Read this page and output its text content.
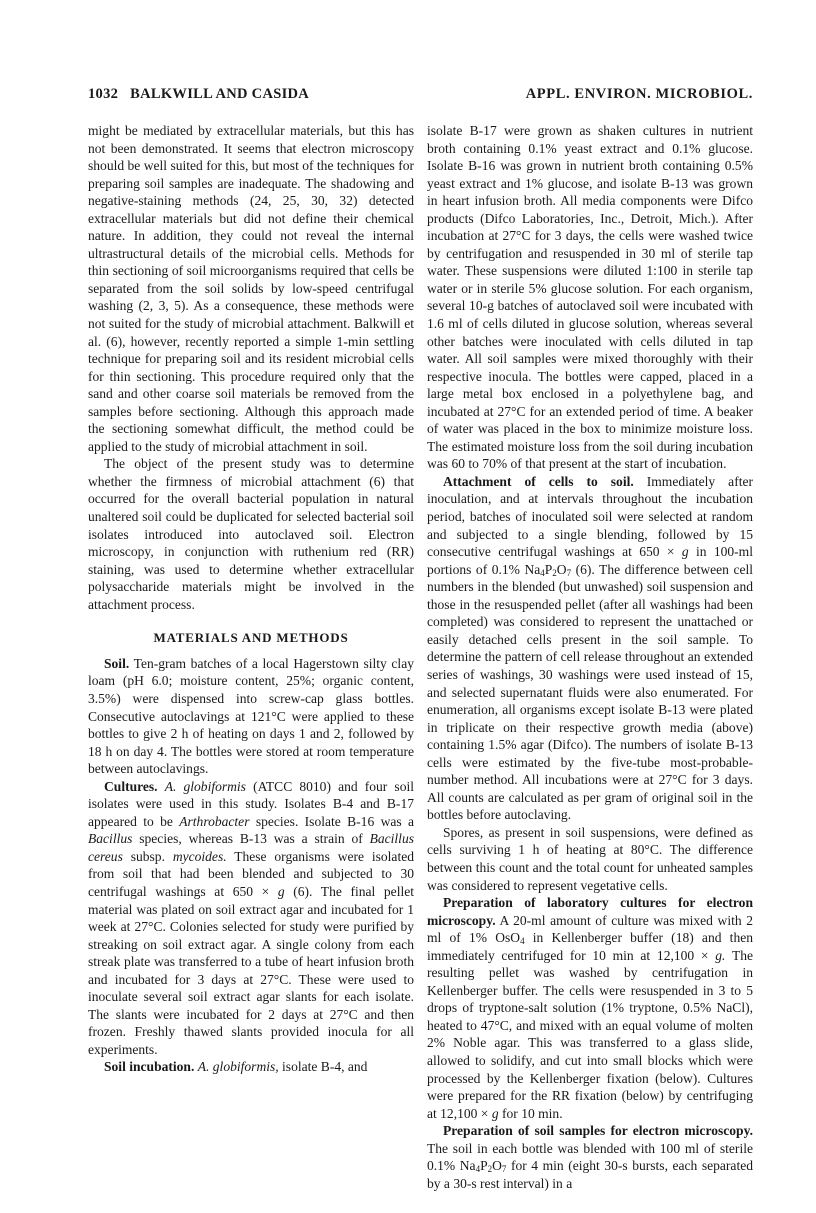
1032 BALKWILL AND CASIDA	APPL. ENVIRON. MICROBIOL.

might be mediated by extracellular materials, but this has not been demonstrated. It seems that electron microscopy should be well suited for this, but most of the techniques for preparing soil samples are inadequate. The shadowing and negative-staining methods (24, 25, 30, 32) detected extracellular materials but did not define their chemical nature. In addition, they could not reveal the internal ultrastructural details of the microbial cells. Methods for thin sectioning of soil microorganisms required that cells be separated from the soil solids by low-speed centrifugal washing (2, 3, 5). As a consequence, these methods were not suited for the study of microbial attachment. Balkwill et al. (6), however, recently reported a simple 1-min settling technique for preparing soil and its resident microbial cells for thin sectioning. This procedure required only that the sand and other coarse soil materials be removed from the samples before sectioning. Although this approach made the sectioning somewhat difficult, the method could be applied to the study of microbial attachment in soil.

The object of the present study was to determine whether the firmness of microbial attachment (6) that occurred for the overall bacterial population in natural unaltered soil could be duplicated for selected bacterial soil isolates introduced into autoclaved soil. Electron microscopy, in conjunction with ruthenium red (RR) staining, was used to determine whether extracellular polysaccharide materials might be involved in the attachment process.

MATERIALS AND METHODS

Soil. Ten-gram batches of a local Hagerstown silty clay loam (pH 6.0; moisture content, 25%; organic content, 3.5%) were dispensed into screw-cap glass bottles. Consecutive autoclavings at 121°C were applied to these bottles to give 2 h of heating on days 1 and 2, followed by 18 h on day 4. The bottles were stored at room temperature between autoclavings.

Cultures. A. globiformis (ATCC 8010) and four soil isolates were used in this study. Isolates B-4 and B-17 appeared to be Arthrobacter species. Isolate B-16 was a Bacillus species, whereas B-13 was a strain of Bacillus cereus subsp. mycoides. These organisms were isolated from soil that had been blended and subjected to 30 centrifugal washings at 650 × g (6). The final pellet material was plated on soil extract agar and incubated for 1 week at 27°C. Colonies selected for study were purified by streaking on soil extract agar. A single colony from each streak plate was transferred to a tube of heart infusion broth and incubated for 3 days at 27°C. These were used to inoculate several soil extract agar slants for each isolate. The slants were incubated for 2 days at 27°C and then frozen. Freshly thawed slants provided inocula for all experiments.

Soil incubation. A. globiformis, isolate B-4, and

isolate B-17 were grown as shaken cultures in nutrient broth containing 0.1% yeast extract and 0.1% glucose. Isolate B-16 was grown in nutrient broth containing 0.5% yeast extract and 1% glucose, and isolate B-13 was grown in heart infusion broth. All media components were Difco products (Difco Laboratories, Inc., Detroit, Mich.). After incubation at 27°C for 3 days, the cells were washed twice by centrifugation and resuspended in 30 ml of sterile tap water. These suspensions were diluted 1:100 in sterile tap water or in sterile 5% glucose solution. For each organism, several 10-g batches of autoclaved soil were incubated with 1.6 ml of cells diluted in glucose solution, whereas several other batches were inoculated with cells diluted in tap water. All soil samples were mixed thoroughly with their respective inocula. The bottles were capped, placed in a large metal box enclosed in a polyethylene bag, and incubated at 27°C for an extended period of time. A beaker of water was placed in the box to minimize moisture loss. The estimated moisture loss from the soil during incubation was 60 to 70% of that present at the start of incubation.

Attachment of cells to soil. Immediately after inoculation, and at intervals throughout the incubation period, batches of inoculated soil were selected at random and subjected to a single blending, followed by 15 consecutive centrifugal washings at 650 × g in 100-ml portions of 0.1% $Na_4P_2O_7$ (6). The difference between cell numbers in the blended (but unwashed) soil suspension and those in the resuspended pellet (after all washings had been completed) was considered to represent the unattached or easily detached cells present in the soil sample. To determine the pattern of cell release throughout an extended series of washings, 30 washings were used instead of 15, and selected supernatant fluids were also enumerated. For enumeration, all organisms except isolate B-13 were plated in triplicate on their respective growth media (above) containing 1.5% agar (Difco). The numbers of isolate B-13 cells were estimated by the five-tube most-probable-number method. All incubations were at 27°C for 3 days. All counts are calculated as per gram of original soil in the bottles before autoclaving.

Spores, as present in soil suspensions, were defined as cells surviving 1 h of heating at 80°C. The difference between this count and the total count for unheated samples was considered to represent vegetative cells.

Preparation of laboratory cultures for electron microscopy. A 20-ml amount of culture was mixed with 2 ml of 1% OsO$_4$ in Kellenberger buffer (18) and then immediately centrifuged for 10 min at 12,100 × g. The resulting pellet was washed by centrifugation in Kellenberger buffer. The cells were resuspended in 3 to 5 drops of tryptone-salt solution (1% tryptone, 0.5% NaCl), heated to 47°C, and mixed with an equal volume of molten 2% Noble agar. This was transferred to a glass slide, allowed to solidify, and cut into small blocks which were processed by the Kellenberger fixation (below). Cultures were prepared for the RR fixation (below) by centrifuging at 12,100 × g for 10 min.

Preparation of soil samples for electron microscopy. The soil in each bottle was blended with 100 ml of sterile 0.1% $Na_4P_2O_7$ for 4 min (eight 30-s bursts, each separated by a 30-s rest interval) in a
